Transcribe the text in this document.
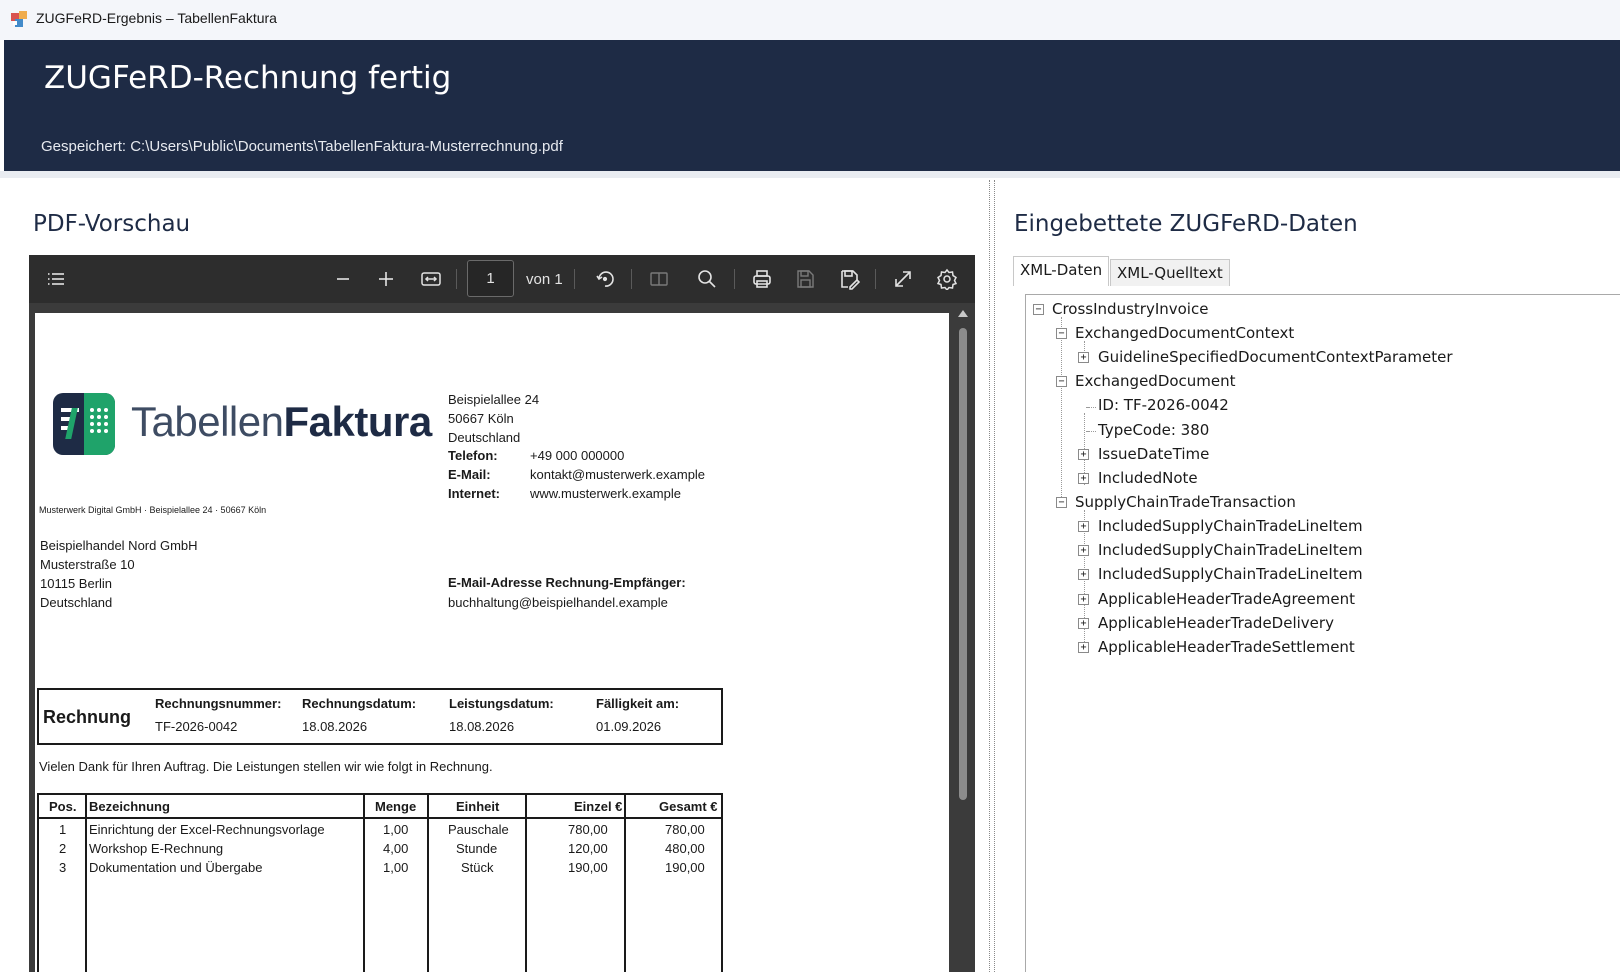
ZUGFeRD-Ergebnis – TabellenFaktura
ZUGFeRD-Rechnung fertig
Gespeichert: C:\Users\Public\Documents\TabellenFaktura-Musterrechnung.pdf
PDF-Vorschau
1	von 1
TabellenFaktura Beispielallee 24
50667 Köln
Deutschland
Telefon: +49 000 000000
E-Mail:	kontakt@musterwerk.example
Internet: www.musterwerk.example
Musterwerk Digital GmbH · Beispielallee 24 · 50667 Köln
Beispielhandel Nord GmbH
Musterstraße 10
10115 Berlin
Deutschland
E-Mail-Adresse Rechnung-Empfänger:
buchhaltung@beispielhandel.example
Rechnung
Rechnungsnummer:
TF-2026-0042
Rechnungsdatum:
18.08.2026
Leistungsdatum:
18.08.2026
Fälligkeit am:
01.09.2026
Vielen Dank für Ihren Auftrag. Die Leistungen stellen wir wie folgt in Rechnung.
Pos. Bezeichnung	Menge	Einheit	Einzel €	Gesamt €
1 Einrichtung der Excel-Rechnungsvorlage	1,00	Pauschale	780,00	780,00
2 Workshop E-Rechnung	4,00	Stunde	120,00	480,00
3 Dokumentation und Übergabe	1,00	Stück	190,00	190,00
Eingebettete ZUGFeRD-Daten
XML-Daten XML-Quelltext
− CrossIndustryInvoice
− ExchangedDocumentContext
+ GuidelineSpecifiedDocumentContextParameter
− ExchangedDocument
ID: TF-2026-0042
TypeCode: 380
+ IssueDateTime
+ IncludedNote
− SupplyChainTradeTransaction
+ IncludedSupplyChainTradeLineItem
+ IncludedSupplyChainTradeLineItem
+ IncludedSupplyChainTradeLineItem
+ ApplicableHeaderTradeAgreement
+ ApplicableHeaderTradeDelivery
+ ApplicableHeaderTradeSettlement
